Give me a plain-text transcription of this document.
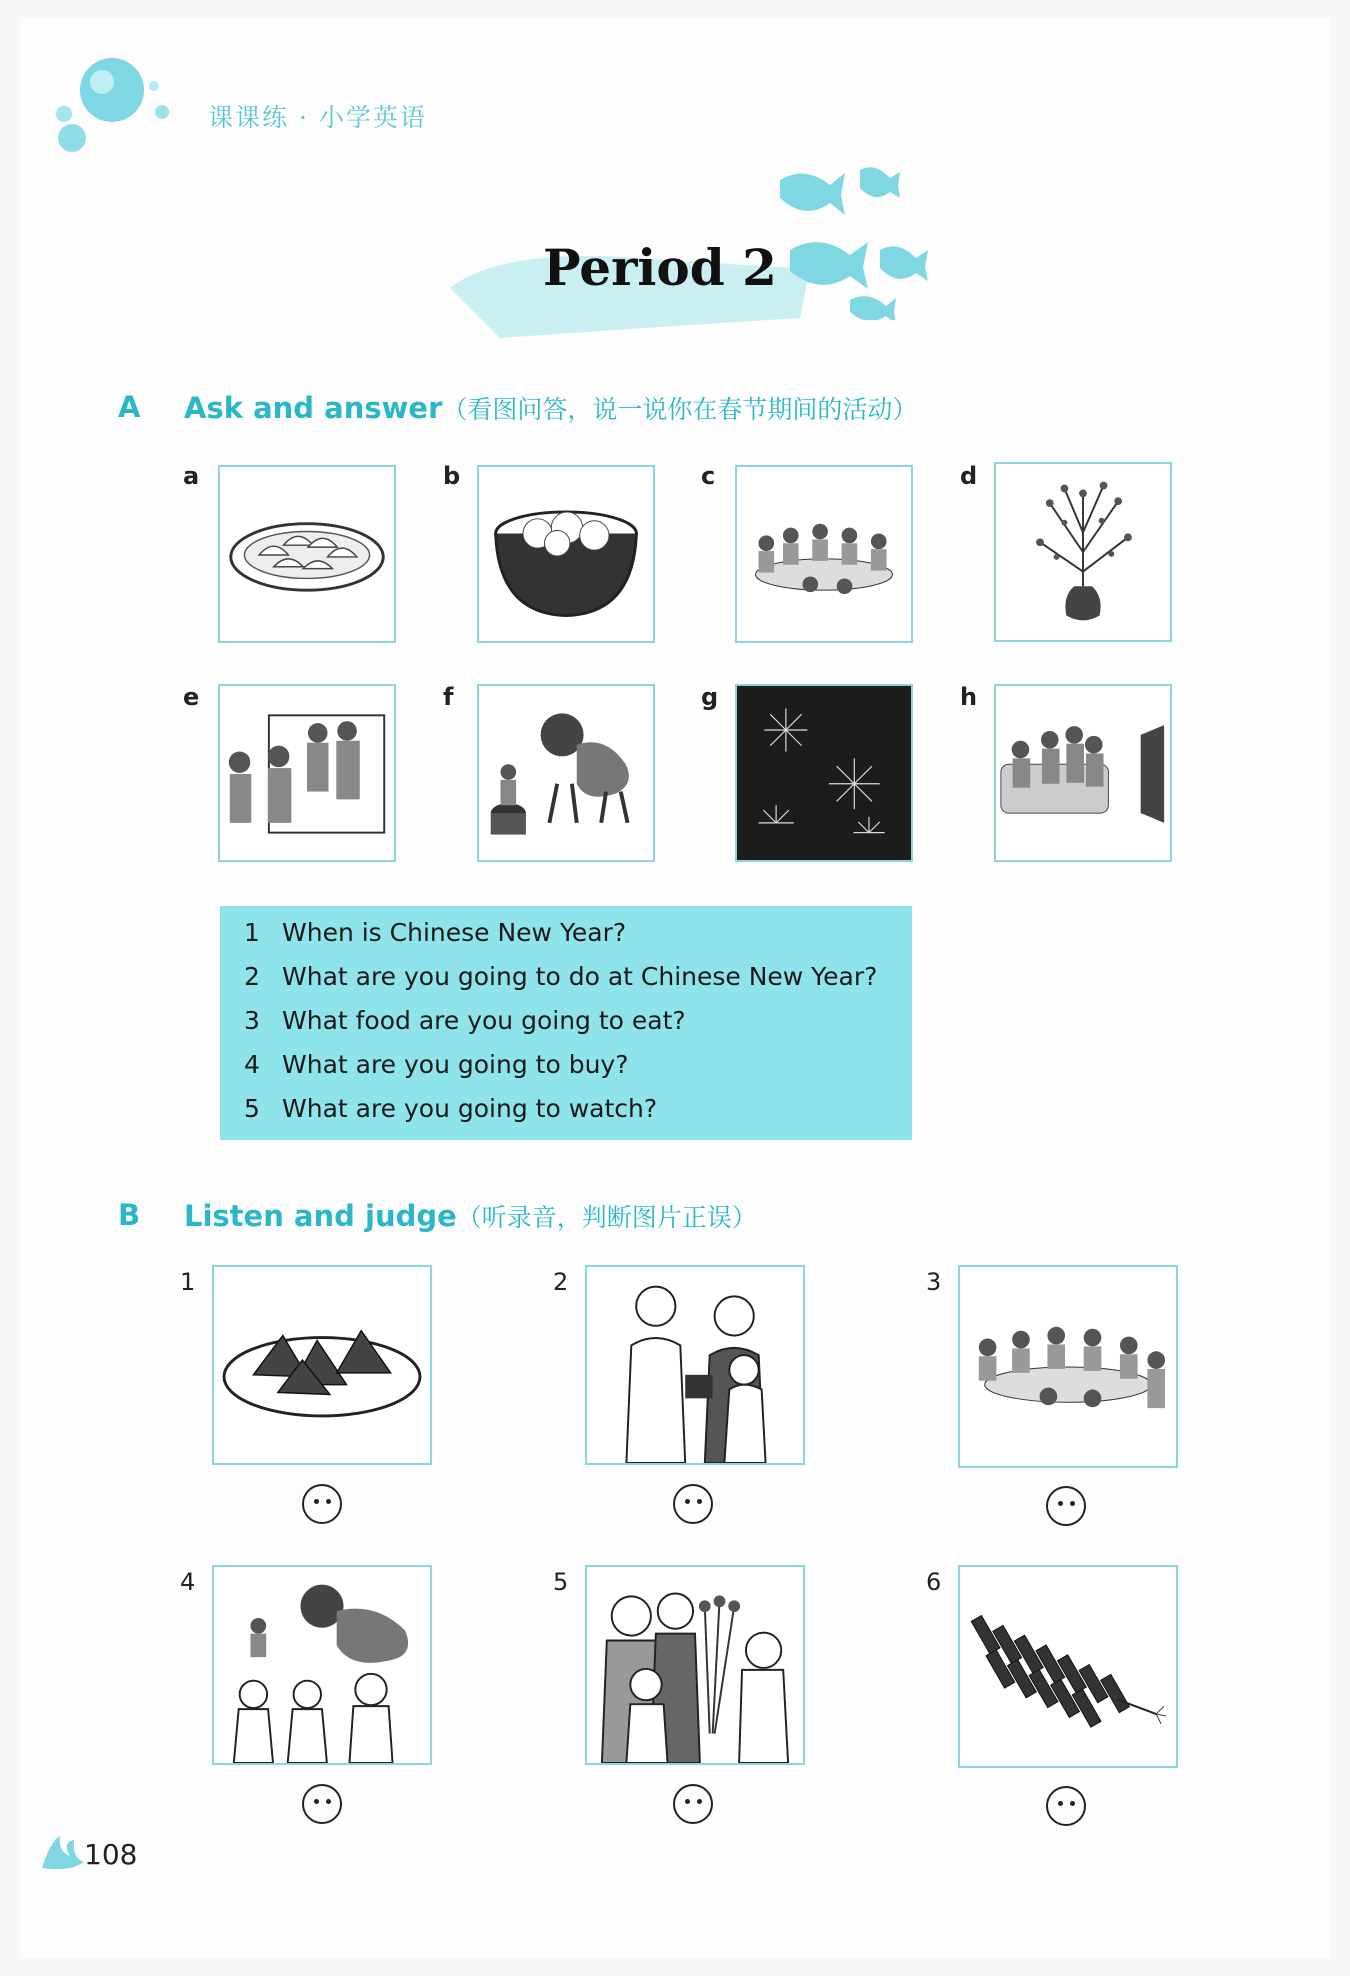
课课练 · 小学英语
Period 2
A Ask and answer（看图问答，说一说你在春节期间的活动）
a	b	c	d
e	f	g	h
1 When is Chinese New Year?
2 What are you going to do at Chinese New Year?
3 What food are you going to eat?
4 What are you going to buy?
5 What are you going to watch?
B Listen and judge（听录音，判断图片正误）
1	2	3
4	5	6
108
